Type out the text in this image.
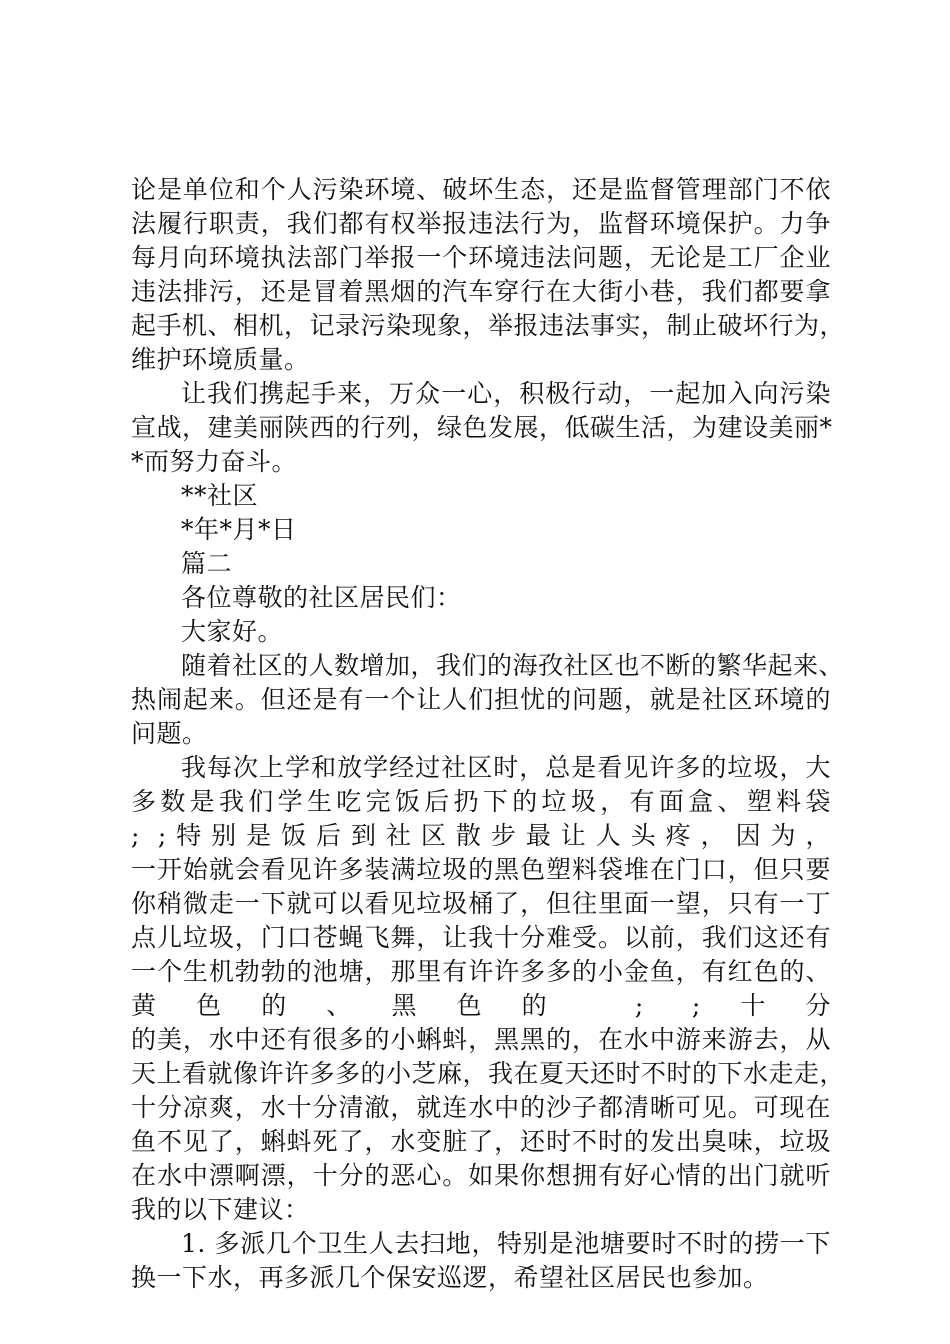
论是单位和个人污染环境、破坏生态，还是监督管理部门不依
法履行职责，我们都有权举报违法行为，监督环境保护。力争
每月向环境执法部门举报一个环境违法问题，无论是工厂企业
违法排污，还是冒着黑烟的汽车穿行在大街小巷，我们都要拿
起手机、相机，记录污染现象，举报违法事实，制止破坏行为，
维护环境质量。
让我们携起手来，万众一心，积极行动，一起加入向污染
宣战，建美丽陕西的行列，绿色发展，低碳生活，为建设美丽*
*而努力奋斗。
**社区
*年*月*日
篇二
各位尊敬的社区居民们：
大家好。
随着社区的人数增加，我们的海孜社区也不断的繁华起来、
热闹起来。但还是有一个让人们担忧的问题，就是社区环境的
问题。
我每次上学和放学经过社区时，总是看见许多的垃圾，大
多数是我们学生吃完饭后扔下的垃圾，有面盒、塑料袋
; ;特别是饭后到社区散步最让人头疼，因为，
一开始就会看见许多装满垃圾的黑色塑料袋堆在门口，但只要
你稍微走一下就可以看见垃圾桶了，但往里面一望，只有一丁
点儿垃圾，门口苍蝇飞舞，让我十分难受。以前，我们这还有
一个生机勃勃的池塘，那里有许许多多的小金鱼，有红色的、
黄色的、黑色的 ; ;十分
的美，水中还有很多的小蝌蚪，黑黑的，在水中游来游去，从
天上看就像许许多多的小芝麻，我在夏天还时不时的下水走走，
十分凉爽，水十分清澈，就连水中的沙子都清晰可见。可现在
鱼不见了，蝌蚪死了，水变脏了，还时不时的发出臭味，垃圾
在水中漂啊漂，十分的恶心。如果你想拥有好心情的出门就听
我的以下建议：
1. 多派几个卫生人去扫地，特别是池塘要时不时的捞一下
换一下水，再多派几个保安巡逻，希望社区居民也参加。
